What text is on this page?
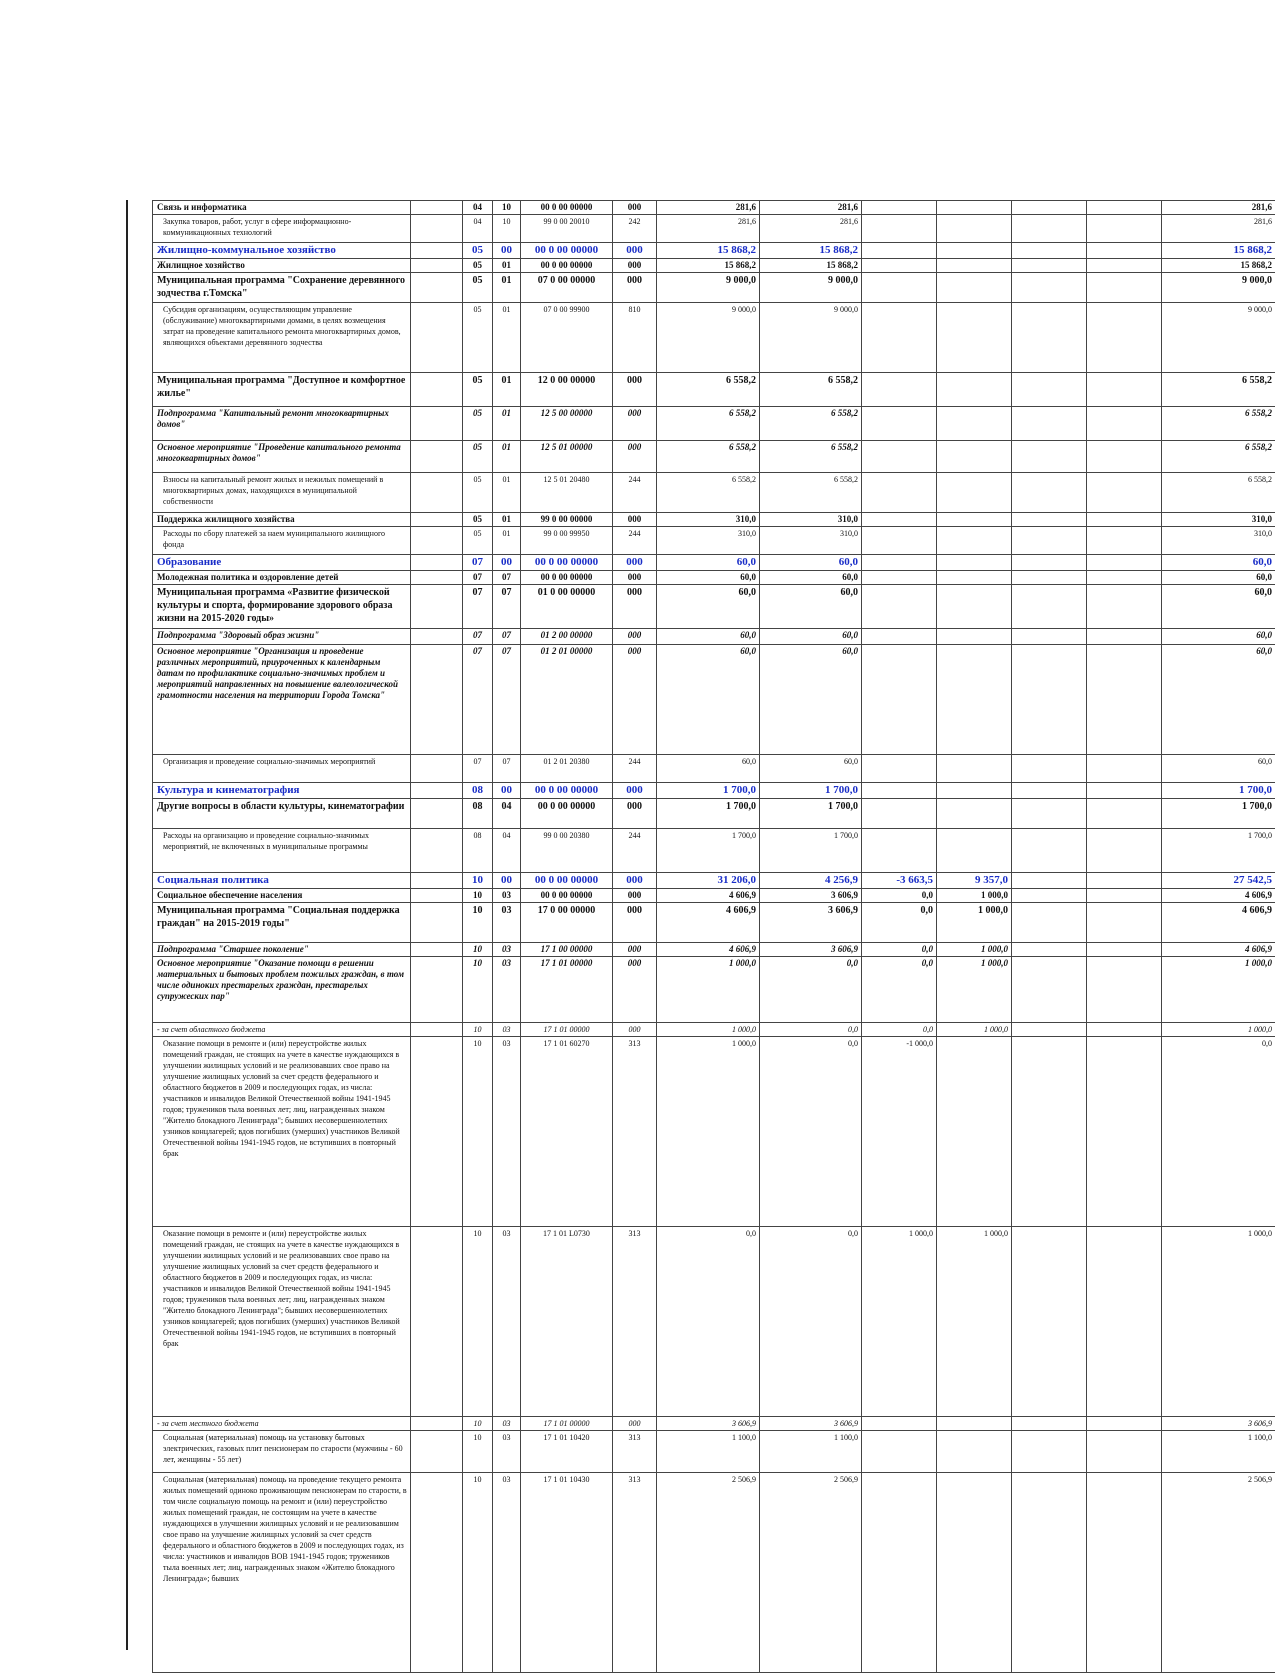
Связь и информатика		04	10	00 0 00 00000	000	281,6	281,6					281,6
Закупка товаров, работ, услуг в сфере информационно-коммуникационных технологий		04	10	99 0 00 20010	242	281,6	281,6					281,6
Жилищно-коммунальное хозяйство		05	00	00 0 00 00000	000	15 868,2	15 868,2					15 868,2
Жилищное хозяйство		05	01	00 0 00 00000	000	15 868,2	15 868,2					15 868,2
Муниципальная программа "Сохранение деревянного зодчества г.Томска"		05	01	07 0 00 00000	000	9 000,0	9 000,0					9 000,0
Субсидия организациям, осуществляющим управление (обслуживание) многоквартирными домами, в целях возмещения затрат на проведение капитального ремонта многоквартирных домов, являющихся объектами деревянного зодчества		05	01	07 0 00 99900	810	9 000,0	9 000,0					9 000,0
Муниципальная программа "Доступное и комфортное жилье"		05	01	12 0 00 00000	000	6 558,2	6 558,2					6 558,2
Подпрограмма "Капитальный ремонт многоквартирных домов"		05	01	12 5 00 00000	000	6 558,2	6 558,2					6 558,2
Основное мероприятие "Проведение капитального ремонта многоквартирных домов"		05	01	12 5 01 00000	000	6 558,2	6 558,2					6 558,2
Взносы на капитальный ремонт жилых и нежилых помещений в многоквартирных домах, находящихся в муниципальной собственности		05	01	12 5 01 20480	244	6 558,2	6 558,2					6 558,2
Поддержка жилищного хозяйства		05	01	99 0 00 00000	000	310,0	310,0					310,0
Расходы по сбору платежей за наем муниципального жилищного фонда		05	01	99 0 00 99950	244	310,0	310,0					310,0
Образование		07	00	00 0 00 00000	000	60,0	60,0					60,0
Молодежная политика и оздоровление детей		07	07	00 0 00 00000	000	60,0	60,0					60,0
Муниципальная программа «Развитие физической культуры и спорта, формирование здорового образа жизни на 2015-2020 годы»		07	07	01 0 00 00000	000	60,0	60,0					60,0
Подпрограмма "Здоровый образ жизни"		07	07	01 2 00 00000	000	60,0	60,0					60,0
Основное мероприятие "Организация и проведение различных мероприятий, приуроченных к календарным датам по профилактике социально-значимых проблем и мероприятий направленных на повышение валеологической грамотности населения на территории Города Томска"		07	07	01 2 01 00000	000	60,0	60,0					60,0
Организация и проведение социально-значимых мероприятий		07	07	01 2 01 20380	244	60,0	60,0					60,0
Культура и кинематография		08	00	00 0 00 00000	000	1 700,0	1 700,0					1 700,0
Другие вопросы в области культуры, кинематографии		08	04	00 0 00 00000	000	1 700,0	1 700,0					1 700,0
Расходы на организацию и проведение социально-значимых мероприятий, не включенных в муниципальные программы		08	04	99 0 00 20380	244	1 700,0	1 700,0					1 700,0
Социальная политика		10	00	00 0 00 00000	000	31 206,0	4 256,9	-3 663,5	9 357,0			27 542,5
Социальное обеспечение населения		10	03	00 0 00 00000	000	4 606,9	3 606,9	0,0	1 000,0			4 606,9
Муниципальная программа "Социальная поддержка граждан" на 2015-2019 годы"		10	03	17 0 00 00000	000	4 606,9	3 606,9	0,0	1 000,0			4 606,9
Подпрограмма "Старшее поколение"		10	03	17 1 00 00000	000	4 606,9	3 606,9	0,0	1 000,0			4 606,9
Основное мероприятие "Оказание помощи в решении материальных и бытовых проблем пожилых граждан, в том числе одиноких престарелых граждан, престарелых супружеских пар"		10	03	17 1 01 00000	000	1 000,0	0,0	0,0	1 000,0			1 000,0
- за счет областного бюджета		10	03	17 1 01 00000	000	1 000,0	0,0	0,0	1 000,0			1 000,0
Оказание помощи в ремонте и (или) переустройстве жилых помещений граждан, не стоящих на учете в качестве нуждающихся в улучшении жилищных условий и не реализовавших свое право на улучшение жилищных условий за счет средств федерального и областного бюджетов в 2009 и последующих годах, из числа: участников и инвалидов Великой Отечественной войны 1941-1945 годов; тружеников тыла военных лет; лиц, награжденных знаком "Жителю блокадного Ленинграда"; бывших несовершеннолетних узников концлагерей; вдов погибших (умерших) участников Великой Отечественной войны 1941-1945 годов, не вступивших в повторный брак		10	03	17 1 01 60270	313	1 000,0	0,0	-1 000,0				0,0
Оказание помощи в ремонте и (или) переустройстве жилых помещений граждан, не стоящих на учете в качестве нуждающихся в улучшении жилищных условий и не реализовавших свое право на улучшение жилищных условий за счет средств федерального и областного бюджетов в 2009 и последующих годах, из числа: участников и инвалидов Великой Отечественной войны 1941-1945 годов; тружеников тыла военных лет; лиц, награжденных знаком "Жителю блокадного Ленинграда"; бывших несовершеннолетних узников концлагерей; вдов погибших (умерших) участников Великой Отечественной войны 1941-1945 годов, не вступивших в повторный брак		10	03	17 1 01 L0730	313	0,0	0,0	1 000,0	1 000,0			1 000,0
- за счет местного бюджета		10	03	17 1 01 00000	000	3 606,9	3 606,9					3 606,9
Социальная (материальная) помощь на установку бытовых электрических, газовых плит пенсионерам по старости (мужчины - 60 лет, женщины - 55 лет)		10	03	17 1 01 10420	313	1 100,0	1 100,0					1 100,0
Социальная (материальная) помощь на проведение текущего ремонта жилых помещений одиноко проживающим пенсионерам по старости, в том числе социальную помощь на ремонт и (или) переустройство жилых помещений граждан, не состоящим на учете в качестве нуждающихся в улучшении жилищных условий и не реализовавшим свое право на улучшение жилищных условий за счет средств федерального и областного бюджетов в 2009 и последующих годах, из числа: участников и инвалидов ВОВ 1941-1945 годов; тружеников тыла военных лет; лиц, награжденных знаком «Жителю блокадного Ленинграда»; бывших		10	03	17 1 01 10430	313	2 506,9	2 506,9					2 506,9
